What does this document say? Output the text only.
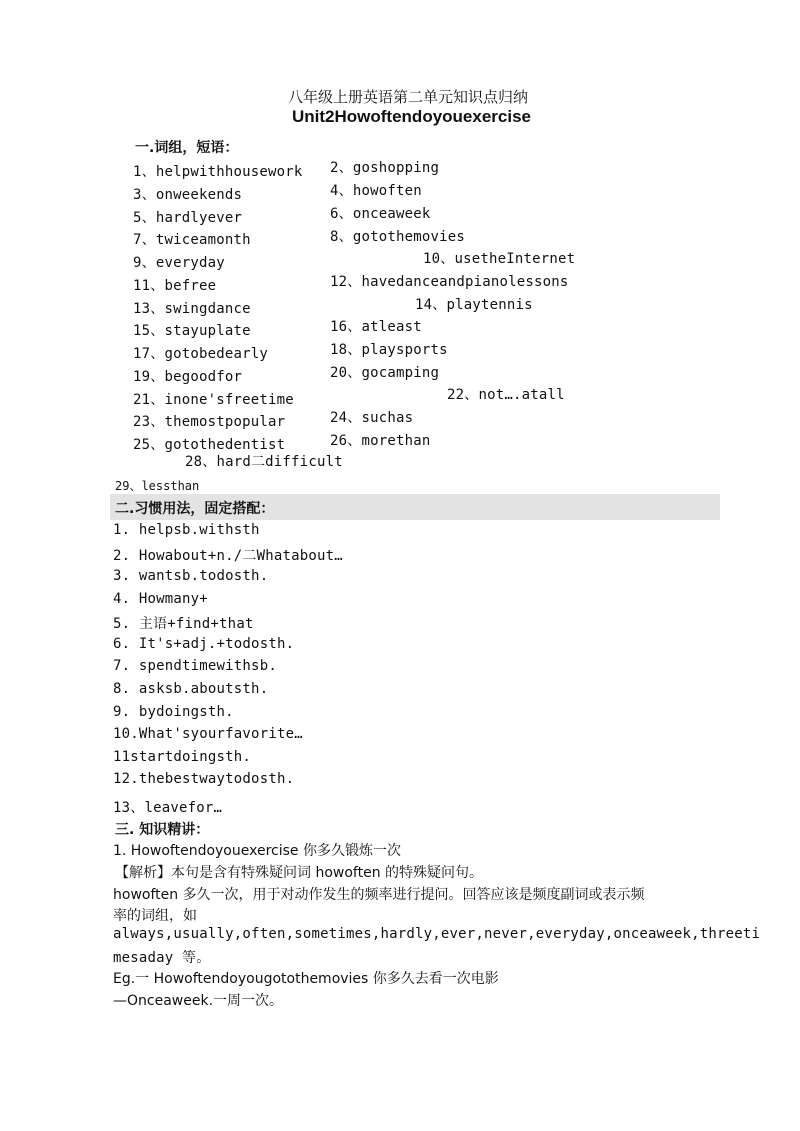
八年级上册英语第二单元知识点归纳
Unit2Howoftendoyouexercise
一.词组，短语：
1、helpwithhousework
3、onweekends
5、hardlyever
7、twiceamonth
9、everyday
11、befree
13、swingdance
15、stayuplate
17、gotobedearly
19、begoodfor
21、inone'sfreetime
23、themostpopular
25、gotothedentist
2、goshopping
4、howoften
6、onceaweek
8、gotothemovies
10、usetheInternet
12、havedanceandpianolessons
14、playtennis
16、atleast
18、playsports
20、gocamping
22、not….atall
24、suchas
26、morethan
28、hard二difficult
29、lessthan
二.习惯用法，固定搭配：
1. helpsb.withsth
2. Howabout+n./二Whatabout…
3. wantsb.todosth.
4. Howmany+
5. 主语+find+that
6. It's+adj.+todosth.
7. spendtimewithsb.
8. asksb.aboutsth.
9. bydoingsth.
10.What'syourfavorite…
11startdoingsth.
12.thebestwaytodosth.
13、leavefor…
三. 知识精讲：
1. Howoftendoyouexercise 你多久锻炼一次
【解析】本句是含有特殊疑问词 howoften 的特殊疑问句。
howoften 多久一次，用于对动作发生的频率进行提问。回答应该是频度副词或表示频
率的词组，如
always,usually,often,sometimes,hardly,ever,never,everyday,onceaweek,threeti
mesaday 等。
Eg.一 Howoftendoyougotothemovies 你多久去看一次电影
—Onceaweek.一周一次。
